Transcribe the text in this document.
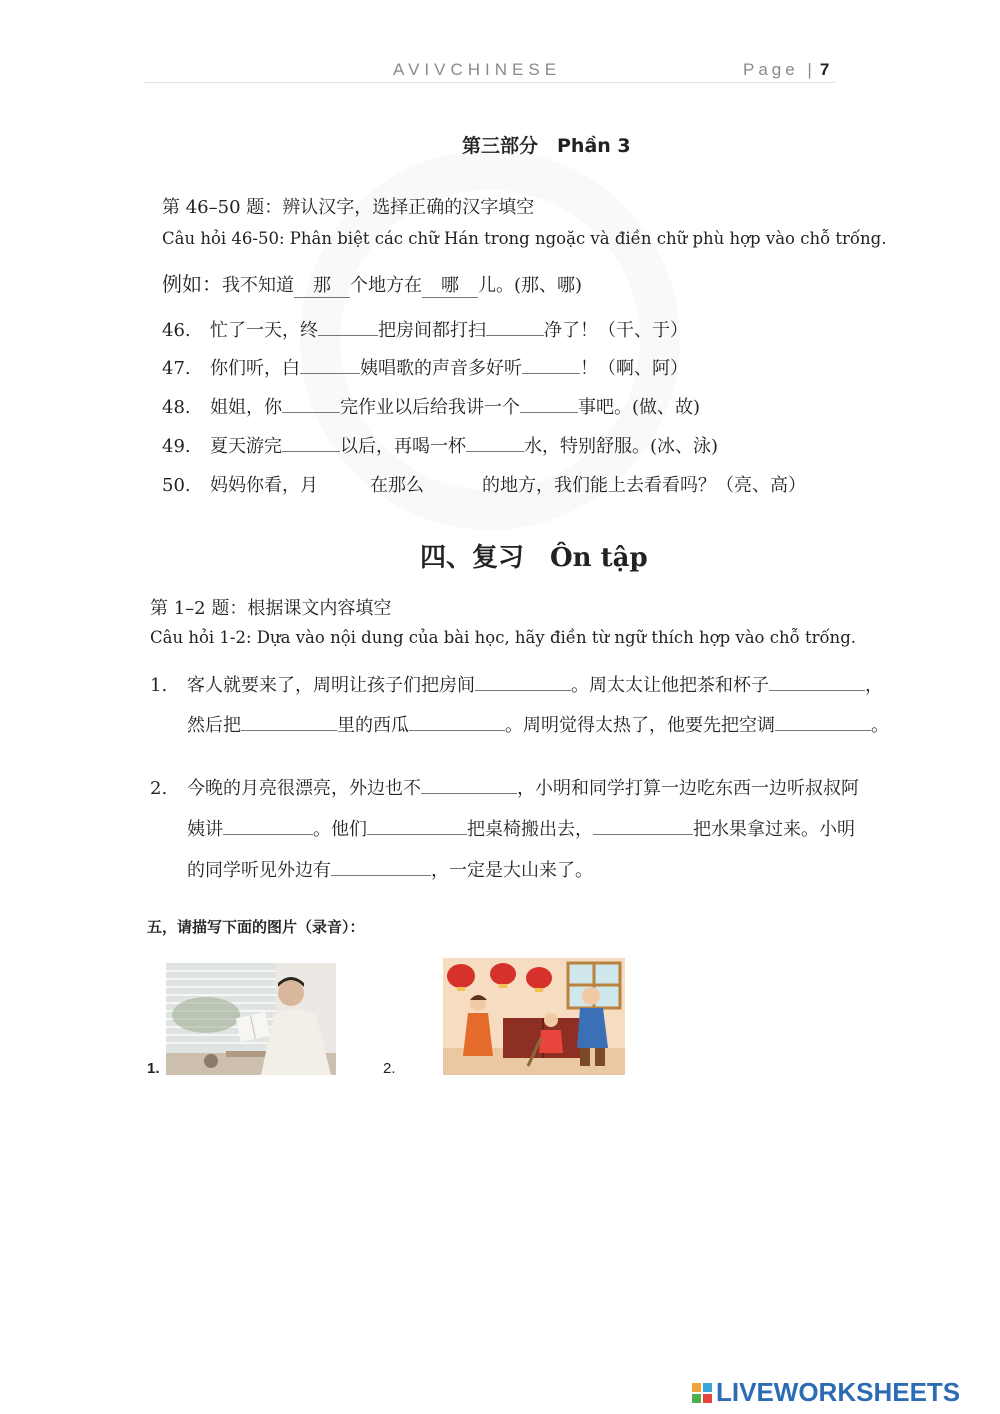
AVIVCHINESE	Page | 7
第三部分　Phần 3
第 46–50 题：辨认汉字，选择正确的汉字填空
Câu hỏi 46-50: Phân biệt các chữ Hán trong ngoặc và điền chữ phù hợp vào chỗ trống.
例如：我不知道 那 个地方在 哪 儿。(那、哪)
46. 忙了一天，终	把房间都打扫	净了！（干、于）
47. 你们听，白	姨唱歌的声音多好听	！（啊、阿）
48. 姐姐，你	完作业以后给我讲一个	事吧。(做、故)
49. 夏天游完	以后，再喝一杯	水，特别舒服。(冰、泳)
50. 妈妈你看，月	在那么	的地方，我们能上去看看吗？（亮、高）
四、复习　Ôn tập
第 1–2 题：根据课文内容填空
Câu hỏi 1-2: Dựa vào nội dung của bài học, hãy điền từ ngữ thích hợp vào chỗ trống.
1. 客人就要来了，周明让孩子们把房间	。周太太让他把茶和杯子	，
然后把	里的西瓜	。周明觉得太热了，他要先把空调	。
2. 今晚的月亮很漂亮，外边也不	，小明和同学打算一边吃东西一边听叔叔阿
姨讲	。他们	把桌椅搬出去，	把水果拿过来。小明
的同学听见外边有	，一定是大山来了。
五，请描写下面的图片（录音）：
1.	2.
LIVEWORKSHEETS
